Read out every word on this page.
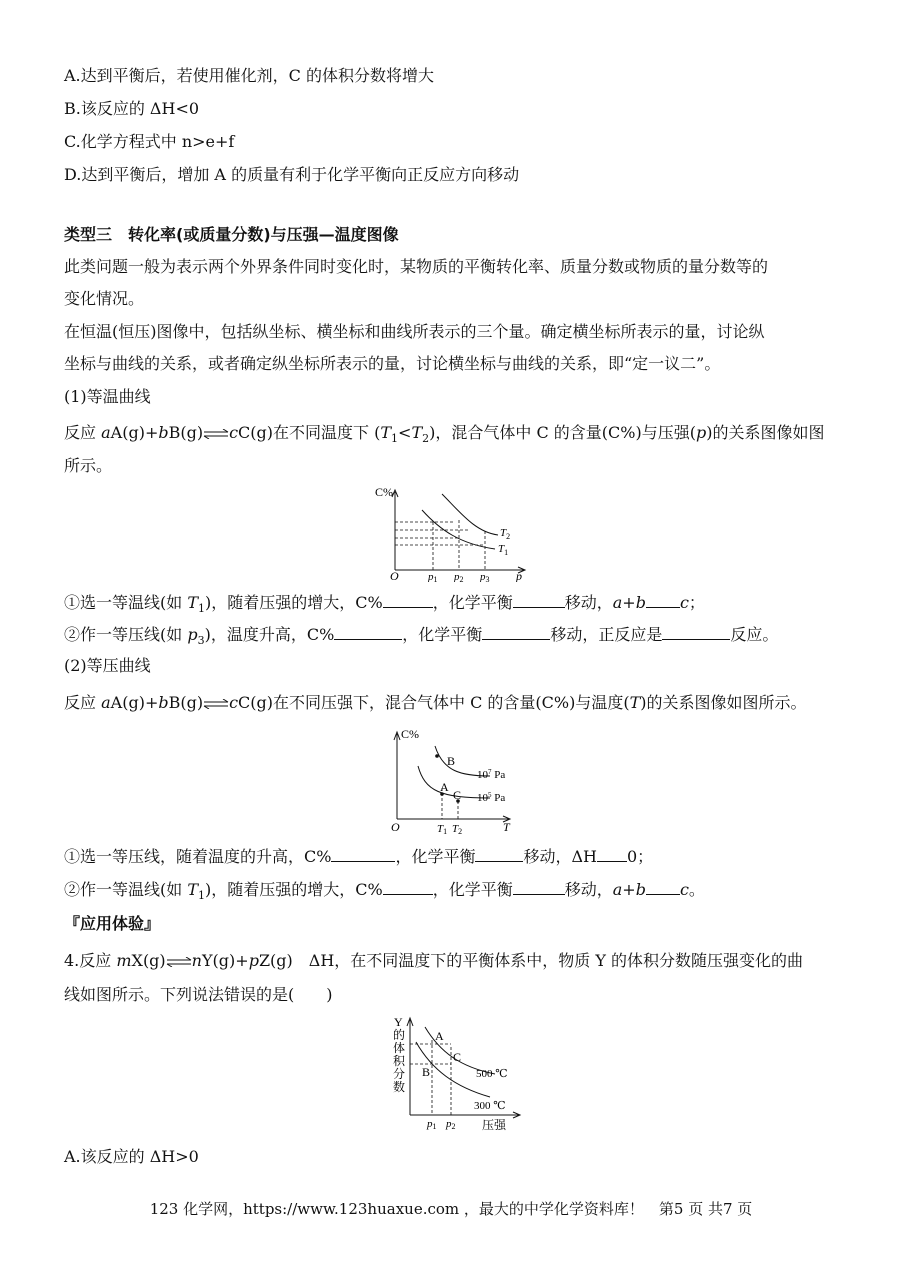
A.达到平衡后，若使用催化剂，C 的体积分数将增大
B.该反应的 ΔH<0
C.化学方程式中 n>e+f
D.达到平衡后，增加 A 的质量有利于化学平衡向正反应方向移动
类型三　转化率(或质量分数)与压强—温度图像
此类问题一般为表示两个外界条件同时变化时，某物质的平衡转化率、质量分数或物质的量分数等的
变化情况。
在恒温(恒压)图像中，包括纵坐标、横坐标和曲线所表示的三个量。确定横坐标所表示的量，讨论纵
坐标与曲线的关系，或者确定纵坐标所表示的量，讨论横坐标与曲线的关系，即“定一议二”。
(1)等温曲线
反应 aA(g)+bB(g)⇌cC(g)在不同温度下 $(T_1<T_2)$，混合气体中 C 的含量(C%)与压强(p)的关系图像如图
所示。
C%
O	p
$T_2$
$T_1$
p1 p2 p3
①选一等温线(如 $T_1$)，随着压强的增大，C%	，化学平衡	移动，a+b c；
②作一等压线(如 $p_3$)，温度升高，C%	，化学平衡	移动，正反应是	反应。
(2)等压曲线
反应 aA(g)+bB(g)⇌cC(g)在不同压强下，混合气体中 C 的含量(C%)与温度(T)的关系图像如图所示。
C%
O	T
B
A
C
$10^7$ Pa
$10^5$ Pa
T1 T2
①选一等压线，随着温度的升高，C%	，化学平衡	移动，ΔH 0；
②作一等温线(如 $T_1$)，随着压强的增大，C%	，化学平衡	移动，a+b c。
『应用体验』
4.反应 mX(g)⇌nY(g)+pZ(g)　ΔH，在不同温度下的平衡体系中，物质 Y 的体积分数随压强变化的曲
线如图所示。下列说法错误的是(　　)
Y
的
体
积
分
数
A
B
C
500 ℃
300 ℃
p1 p2 压强
A.该反应的 ΔH>0
123 化学网，https://www.123huaxue.com ，最大的中学化学资料库！　第5 页 共7 页
